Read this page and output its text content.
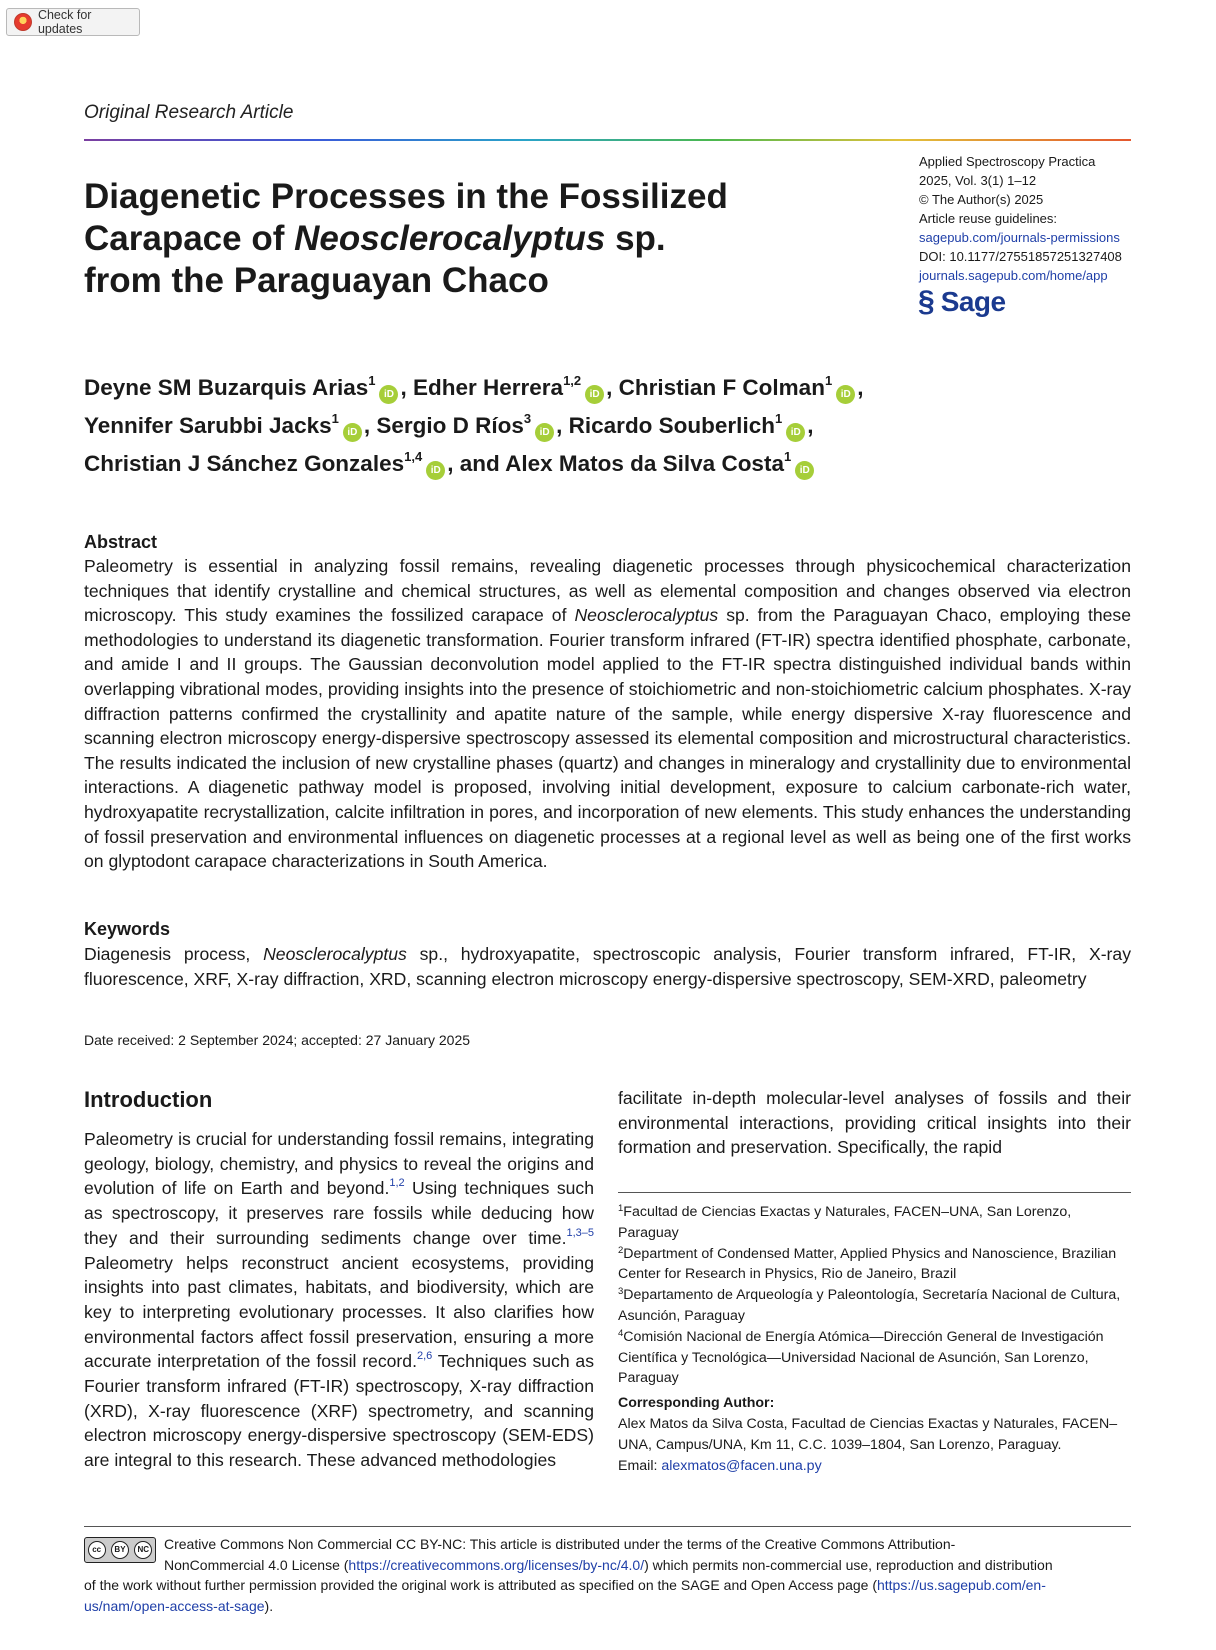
Check for updates
Original Research Article
Diagenetic Processes in the Fossilized
Carapace of Neosclerocalyptus sp.
from the Paraguayan Chaco
Applied Spectroscopy Practica
2025, Vol. 3(1) 1–12
© The Author(s) 2025
Article reuse guidelines:
sagepub.com/journals-permissions
DOI: 10.1177/27551857251327408
journals.sagepub.com/home/app
§ Sage
Deyne SM Buzarquis Arias$^1$iD , Edher Herrera$^{1,2}$iD , Christian F Colman$^1$iD ,
Yennifer Sarubbi Jacks$^1$iD , Sergio D Ríos$^3$iD , Ricardo Souberlich$^1$iD ,
Christian J Sánchez Gonzales$^{1,4}$iD , and Alex Matos da Silva Costa$^1$iD
Abstract
Paleometry is essential in analyzing fossil remains, revealing diagenetic processes through physicochemical characterization techniques that identify crystalline and chemical structures, as well as elemental composition and changes observed via electron microscopy. This study examines the fossilized carapace of Neosclerocalyptus sp. from the Paraguayan Chaco, employing these methodologies to understand its diagenetic transformation. Fourier transform infrared (FT-IR) spectra identified phosphate, carbonate, and amide I and II groups. The Gaussian deconvolution model applied to the FT-IR spectra distinguished individual bands within overlapping vibrational modes, providing insights into the presence of stoichiometric and non-stoichiometric calcium phosphates. X-ray diffraction patterns confirmed the crystallinity and apatite nature of the sample, while energy dispersive X-ray fluorescence and scanning electron microscopy energy-dispersive spectroscopy assessed its elemental composition and microstructural characteristics. The results indicated the inclusion of new crystalline phases (quartz) and changes in mineralogy and crystallinity due to environmental interactions. A diagenetic pathway model is proposed, involving initial development, exposure to calcium carbonate-rich water, hydroxyapatite recrystallization, calcite infiltration in pores, and incorporation of new elements. This study enhances the understanding of fossil preservation and environmental influences on diagenetic processes at a regional level as well as being one of the first works on glyptodont carapace characterizations in South America.
Keywords
Diagenesis process, Neosclerocalyptus sp., hydroxyapatite, spectroscopic analysis, Fourier transform infrared, FT-IR, X-ray fluorescence, XRF, X-ray diffraction, XRD, scanning electron microscopy energy-dispersive spectroscopy, SEM-XRD, paleometry
Date received: 2 September 2024; accepted: 27 January 2025
Introduction
Paleometry is crucial for understanding fossil remains, integrating geology, biology, chemistry, and physics to reveal the origins and evolution of life on Earth and beyond.$^{1,2}$ Using techniques such as spectroscopy, it preserves rare fossils while deducing how they and their surrounding sediments change over time.$^{1,3-5}$ Paleometry helps reconstruct ancient ecosystems, providing insights into past climates, habitats, and biodiversity, which are key to interpreting evolutionary processes. It also clarifies how environmental factors affect fossil preservation, ensuring a more accurate interpretation of the fossil record.$^{2,6}$ Techniques such as Fourier transform infrared (FT-IR) spectroscopy, X-ray diffraction (XRD), X-ray fluorescence (XRF) spectrometry, and scanning electron microscopy energy-dispersive spectroscopy (SEM-EDS) are integral to this research. These advanced methodologies
facilitate in-depth molecular-level analyses of fossils and their environmental interactions, providing critical insights into their formation and preservation. Specifically, the rapid
$^1$Facultad de Ciencias Exactas y Naturales, FACEN–UNA, San Lorenzo, Paraguay
$^2$Department of Condensed Matter, Applied Physics and Nanoscience, Brazilian Center for Research in Physics, Rio de Janeiro, Brazil
$^3$Departamento de Arqueología y Paleontología, Secretaría Nacional de Cultura, Asunción, Paraguay
$^4$Comisión Nacional de Energía Atómica—Dirección General de Investigación Científica y Tecnológica—Universidad Nacional de Asunción, San Lorenzo, Paraguay
Corresponding Author:
Alex Matos da Silva Costa, Facultad de Ciencias Exactas y Naturales, FACEN–UNA, Campus/UNA, Km 11, C.C. 1039–1804, San Lorenzo, Paraguay.
Email: alexmatos@facen.una.py
cc	BY	NC	Creative Commons Non Commercial CC BY-NC: This article is distributed under the terms of the Creative Commons Attribution-
NonCommercial 4.0 License (https://creativecommons.org/licenses/by-nc/4.0/) which permits non-commercial use, reproduction and distribution
of the work without further permission provided the original work is attributed as specified on the SAGE and Open Access page (https://us.sagepub.com/en-
us/nam/open-access-at-sage).
